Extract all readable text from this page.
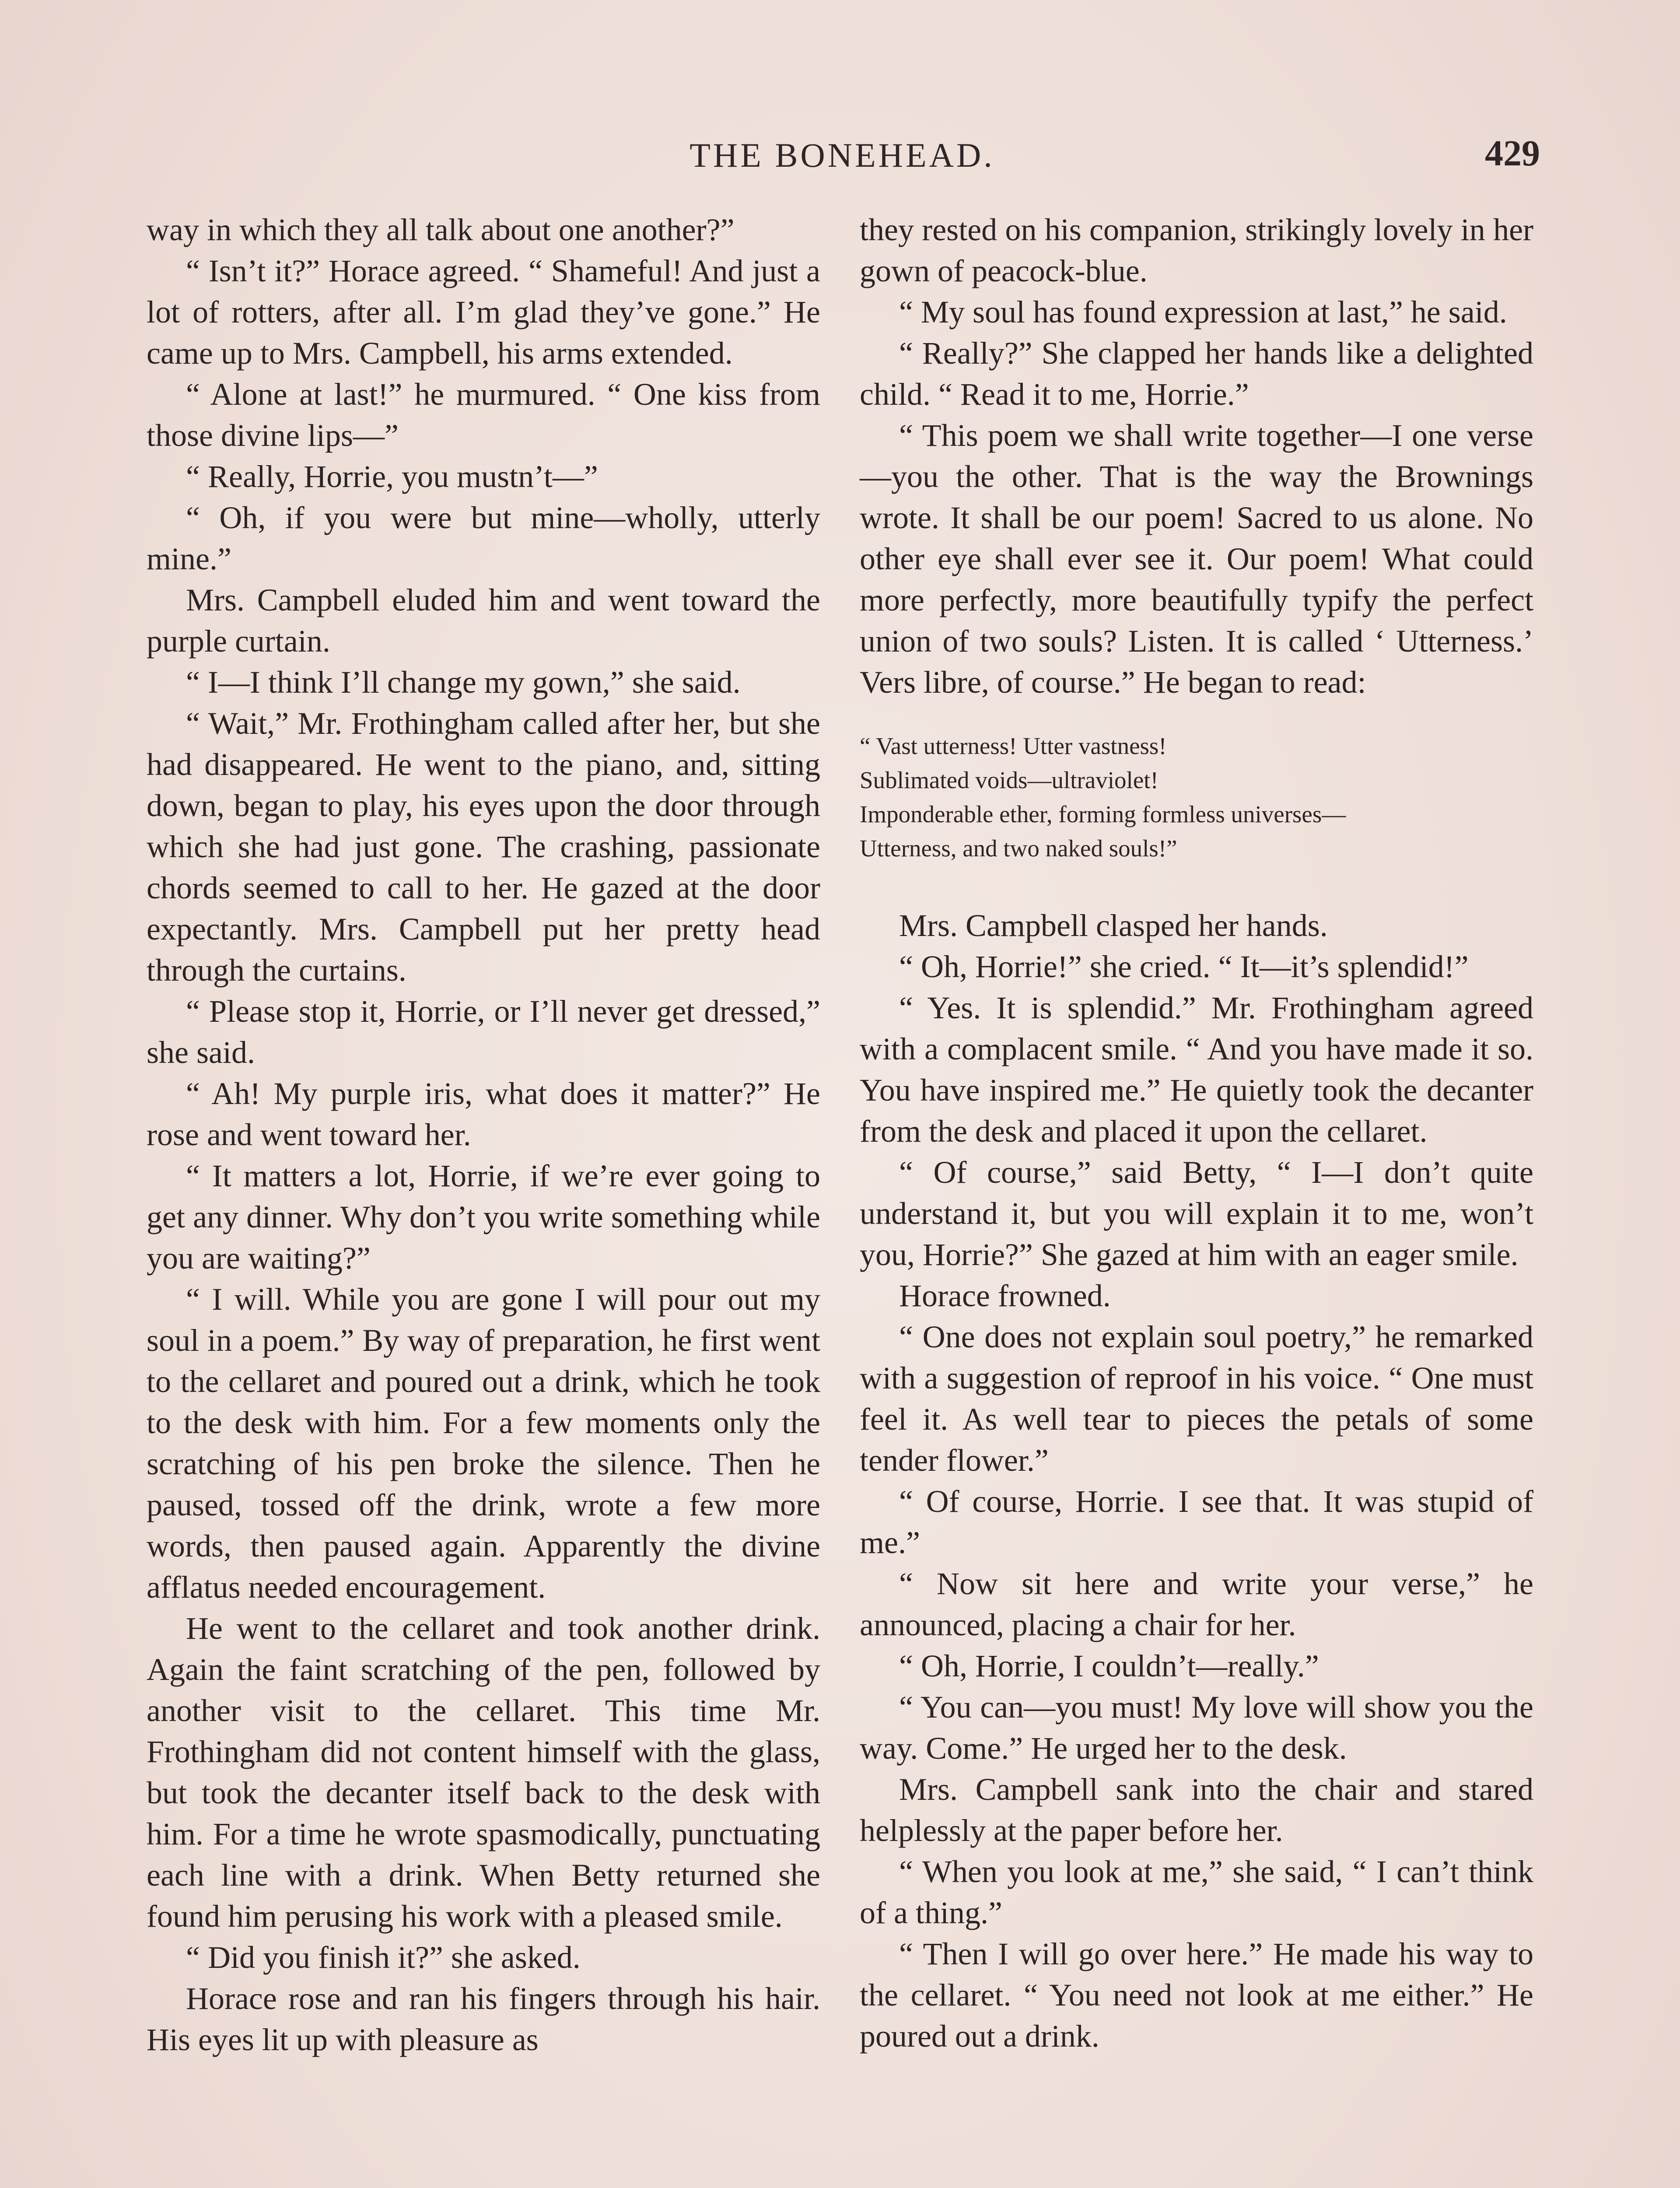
THE BONEHEAD.	429

way in which they all talk about one another?”

“ Isn’t it?” Horace agreed. “ Shameful! And just a lot of rotters, after all. I’m glad they’ve gone.” He came up to Mrs. Campbell, his arms extended.

“ Alone at last!” he murmured. “ One kiss from those divine lips—”

“ Really, Horrie, you mustn’t—”

“ Oh, if you were but mine—wholly, utterly mine.”

Mrs. Campbell eluded him and went toward the purple curtain.

“ I—I think I’ll change my gown,” she said.

“ Wait,” Mr. Frothingham called after her, but she had disappeared. He went to the piano, and, sitting down, began to play, his eyes upon the door through which she had just gone. The crashing, passionate chords seemed to call to her. He gazed at the door expectantly. Mrs. Campbell put her pretty head through the curtains.

“ Please stop it, Horrie, or I’ll never get dressed,” she said.

“ Ah! My purple iris, what does it matter?” He rose and went toward her.

“ It matters a lot, Horrie, if we’re ever going to get any dinner. Why don’t you write something while you are waiting?”

“ I will. While you are gone I will pour out my soul in a poem.” By way of preparation, he first went to the cellaret and poured out a drink, which he took to the desk with him. For a few moments only the scratching of his pen broke the silence. Then he paused, tossed off the drink, wrote a few more words, then paused again. Apparently the divine afflatus needed encouragement.

He went to the cellaret and took another drink. Again the faint scratching of the pen, followed by another visit to the cellaret. This time Mr. Frothingham did not content himself with the glass, but took the decanter itself back to the desk with him. For a time he wrote spasmodically, punctuating each line with a drink. When Betty returned she found him perusing his work with a pleased smile.

“ Did you finish it?” she asked.

Horace rose and ran his fingers through his hair. His eyes lit up with pleasure as

they rested on his companion, strikingly lovely in her gown of peacock-blue.

“ My soul has found expression at last,” he said.

“ Really?” She clapped her hands like a delighted child. “ Read it to me, Horrie.”

“ This poem we shall write together—I one verse—you the other. That is the way the Brownings wrote. It shall be our poem! Sacred to us alone. No other eye shall ever see it. Our poem! What could more perfectly, more beautifully typify the perfect union of two souls? Listen. It is called ‘ Utterness.’ Vers libre, of course.” He began to read:

“ Vast utterness! Utter vastness!
Sublimated voids—ultraviolet!
Imponderable ether, forming formless universes—
Utterness, and two naked souls!”

Mrs. Campbell clasped her hands.

“ Oh, Horrie!” she cried. “ It—it’s splendid!”

“ Yes. It is splendid.” Mr. Frothingham agreed with a complacent smile. “ And you have made it so. You have inspired me.” He quietly took the decanter from the desk and placed it upon the cellaret.

“ Of course,” said Betty, “ I—I don’t quite understand it, but you will explain it to me, won’t you, Horrie?” She gazed at him with an eager smile.

Horace frowned.

“ One does not explain soul poetry,” he remarked with a suggestion of reproof in his voice. “ One must feel it. As well tear to pieces the petals of some tender flower.”

“ Of course, Horrie. I see that. It was stupid of me.”

“ Now sit here and write your verse,” he announced, placing a chair for her.

“ Oh, Horrie, I couldn’t—really.”

“ You can—you must! My love will show you the way. Come.” He urged her to the desk.

Mrs. Campbell sank into the chair and stared helplessly at the paper before her.

“ When you look at me,” she said, “ I can’t think of a thing.”

“ Then I will go over here.” He made his way to the cellaret. “ You need not look at me either.” He poured out a drink.
